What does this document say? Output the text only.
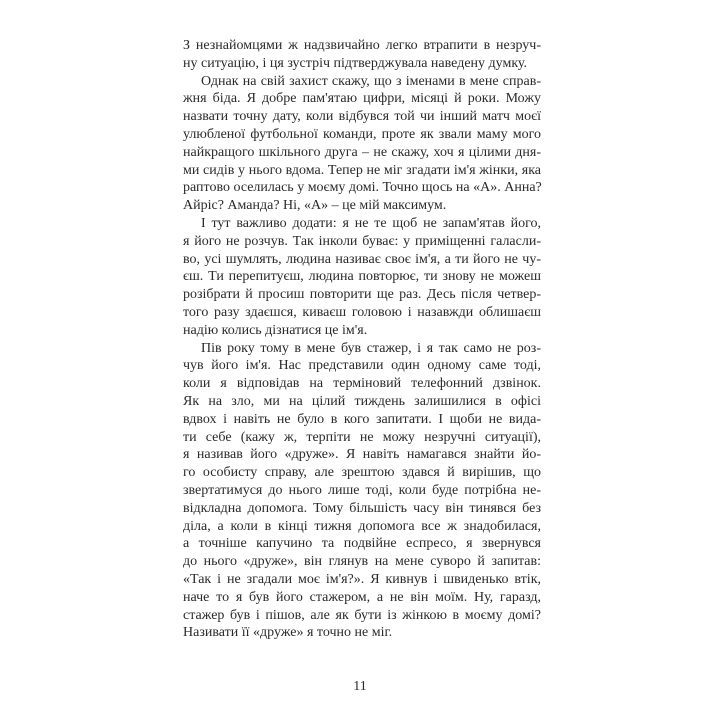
З незнайомцями ж надзвичайно легко втрапити в незруч-
ну ситуацію, і ця зустріч підтверджувала наведену думку.
Однак на свій захист скажу, що з іменами в мене справ-
жня біда. Я добре пам'ятаю цифри, місяці й роки. Можу
назвати точну дату, коли відбувся той чи інший матч моєї
улюбленої футбольної команди, проте як звали маму мого
найкращого шкільного друга – не скажу, хоч я цілими дня-
ми сидів у нього вдома. Тепер не міг згадати ім'я жінки, яка
раптово оселилась у моєму домі. Точно щось на «А». Анна?
Айріс? Аманда? Ні, «А» – це мій максимум.
І тут важливо додати: я не те щоб не запам'ятав його,
я його не розчув. Так інколи буває: у приміщенні галасли-
во, усі шумлять, людина називає своє ім'я, а ти його не чу-
єш. Ти перепитуєш, людина повторює, ти знову не можеш
розібрати й просиш повторити ще раз. Десь після четвер-
того разу здаєшся, киваєш головою і назавжди облишаєш
надію колись дізнатися це ім'я.
Пів року тому в мене був стажер, і я так само не роз-
чув його ім'я. Нас представили один одному саме тоді,
коли я відповідав на терміновий телефонний дзвінок.
Як на зло, ми на цілий тиждень залишилися в офісі
вдвох і навіть не було в кого запитати. І щоби не вида-
ти себе (кажу ж, терпіти не можу незручні ситуації),
я називав його «друже». Я навіть намагався знайти йо-
го особисту справу, але зрештою здався й вирішив, що
звертатимуся до нього лише тоді, коли буде потрібна не-
відкладна допомога. Тому більшість часу він тинявся без
діла, а коли в кінці тижня допомога все ж знадобилася,
а точніше капучино та подвійне еспресо, я звернувся
до нього «друже», він глянув на мене суворо й запитав:
«Так і не згадали моє ім'я?». Я кивнув і швиденько втік,
наче то я був його стажером, а не він моїм. Ну, гаразд,
стажер був і пішов, але як бути із жінкою в моєму домі?
Називати її «друже» я точно не міг.
11
